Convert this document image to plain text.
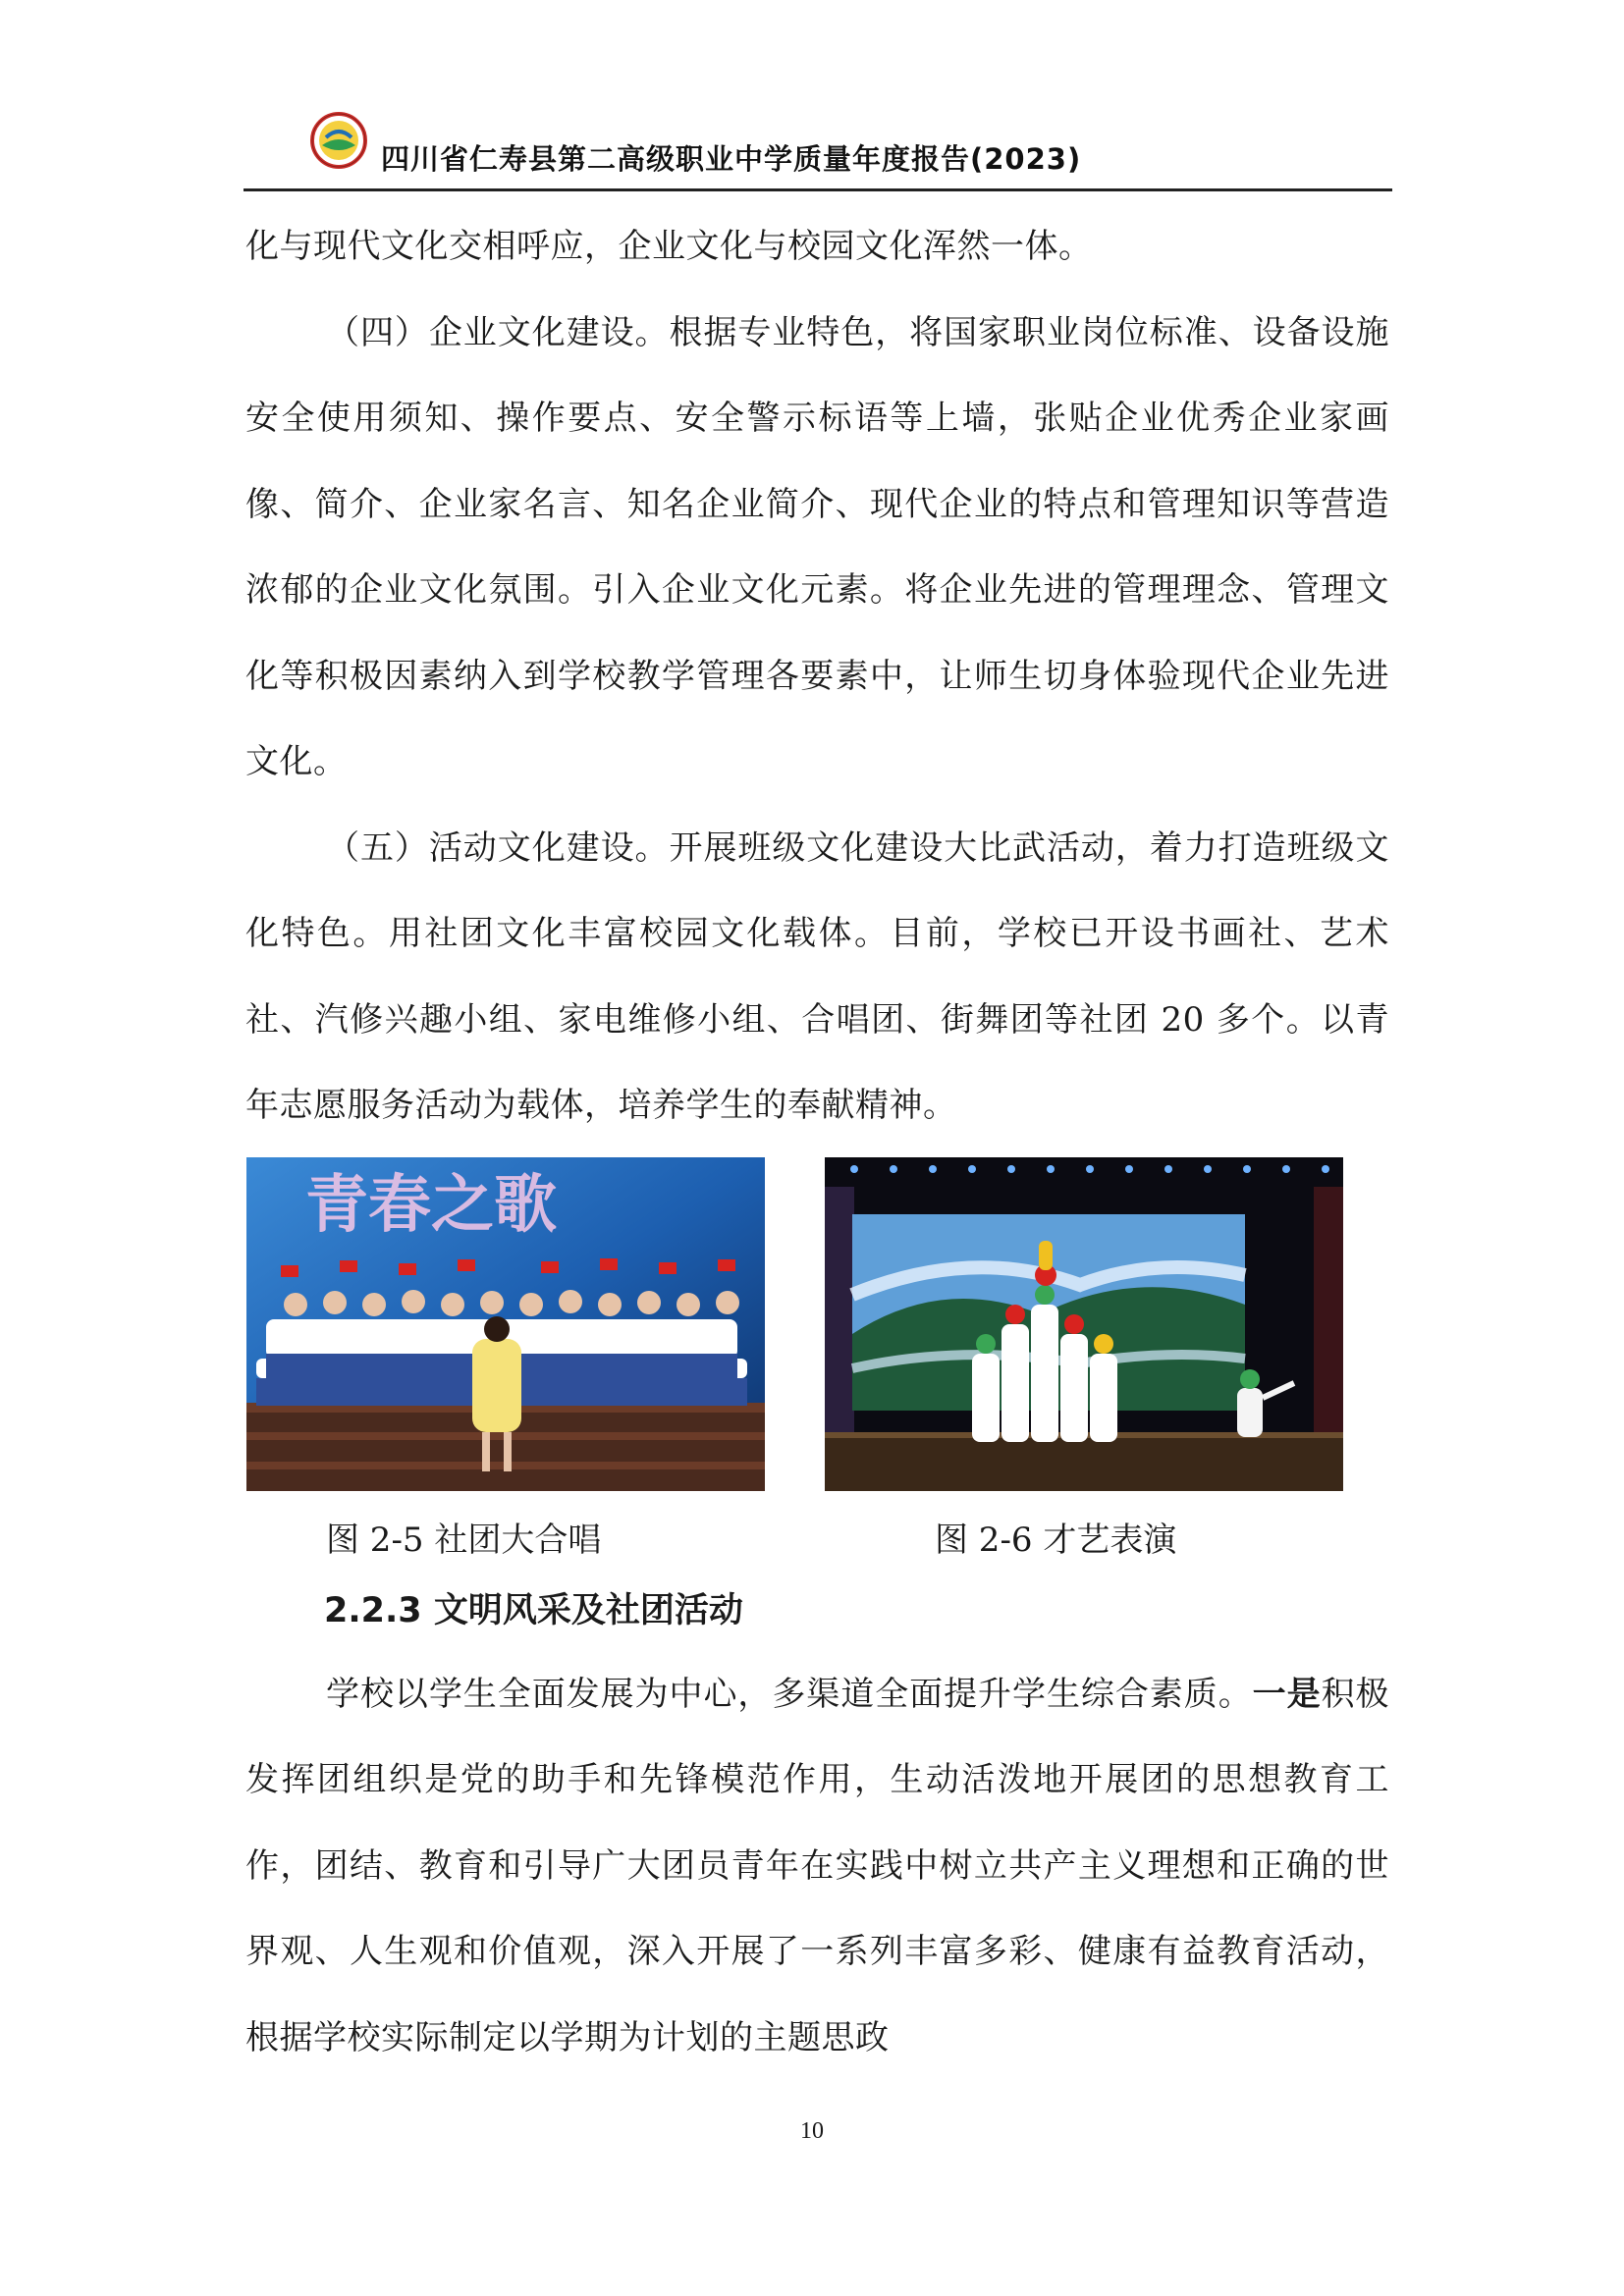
四川省仁寿县第二高级职业中学质量年度报告(2023)

化与现代文化交相呼应，企业文化与校园文化浑然一体。

（四）企业文化建设。根据专业特色，将国家职业岗位标准、设备设施安全使用须知、操作要点、安全警示标语等上墙，张贴企业优秀企业家画像、简介、企业家名言、知名企业简介、现代企业的特点和管理知识等营造浓郁的企业文化氛围。引入企业文化元素。将企业先进的管理理念、管理文化等积极因素纳入到学校教学管理各要素中，让师生切身体验现代企业先进文化。

（五）活动文化建设。开展班级文化建设大比武活动，着力打造班级文化特色。用社团文化丰富校园文化载体。目前，学校已开设书画社、艺术社、汽修兴趣小组、家电维修小组、合唱团、街舞团等社团 20 多个。以青年志愿服务活动为载体，培养学生的奉献精神。

青春之歌
图 2-5 社团大合唱	图 2-6 才艺表演
2.2.3 文明风采及社团活动

学校以学生全面发展为中心，多渠道全面提升学生综合素质。一是积极发挥团组织是党的助手和先锋模范作用，生动活泼地开展团的思想教育工作，团结、教育和引导广大团员青年在实践中树立共产主义理想和正确的世界观、人生观和价值观，深入开展了一系列丰富多彩、健康有益教育活动，根据学校实际制定以学期为计划的主题思政

10
